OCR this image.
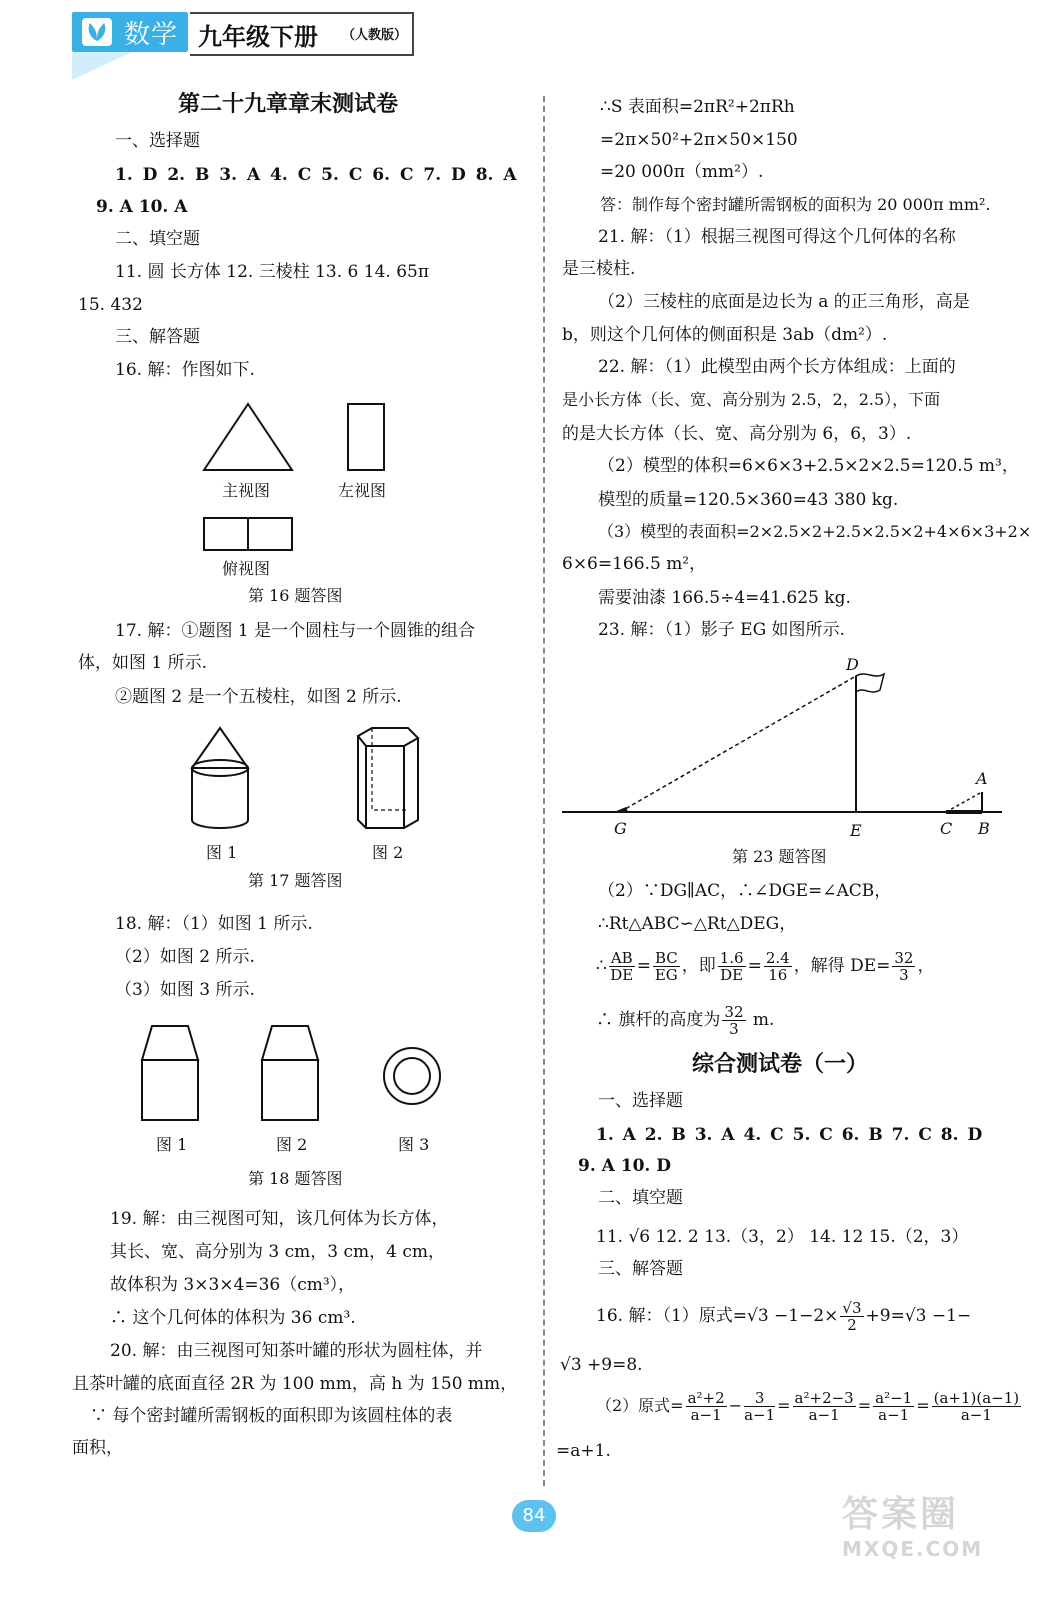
数学 九年级下册 （人教版）
第二十九章章末测试卷
一、选择题
1. D 2. B 3. A 4. C 5. C 6. C 7. D 8. A
9. A 10. A
二、填空题
11. 圆 长方体 12. 三棱柱 13. 6 14. 65π
15. 432
三、解答题
16. 解：作图如下.
主视图	左视图
俯视图
第 16 题答图
17. 解：①题图 1 是一个圆柱与一个圆锥的组合
体，如图 1 所示.
②题图 2 是一个五棱柱，如图 2 所示.
图 1	图 2
第 17 题答图
18. 解：（1）如图 1 所示.
（2）如图 2 所示.
（3）如图 3 所示.
图 1	图 2	图 3
第 18 题答图
19. 解：由三视图可知，该几何体为长方体，
其长、宽、高分别为 3 cm，3 cm，4 cm，
故体积为 3×3×4=36（cm³），
∴ 这个几何体的体积为 36 cm³.
20. 解：由三视图可知茶叶罐的形状为圆柱体，并
且茶叶罐的底面直径 2R 为 100 mm，高 h 为 150 mm，
∵ 每个密封罐所需钢板的面积即为该圆柱体的表
面积，
∴S 表面积=2πR²+2πRh
=2π×50²+2π×50×150
=20 000π（mm²）.
答：制作每个密封罐所需钢板的面积为 20 000π mm².
21. 解：（1）根据三视图可得这个几何体的名称
是三棱柱.
（2）三棱柱的底面是边长为 a 的正三角形，高是
b，则这个几何体的侧面积是 3ab（dm²）.
22. 解：（1）此模型由两个长方体组成：上面的
是小长方体（长、宽、高分别为 2.5，2，2.5），下面
的是大长方体（长、宽、高分别为 6，6，3）.
（2）模型的体积=6×6×3+2.5×2×2.5=120.5 m³，
模型的质量=120.5×360=43 380 kg.
（3）模型的表面积=2×2.5×2+2.5×2.5×2+4×6×3+2×
6×6=166.5 m²，
需要油漆 166.5÷4=41.625 kg.
23. 解：（1）影子 EG 如图所示.
D
A
G	E	C B
第 23 题答图
（2）∵DG∥AC，∴∠DGE=∠ACB，
∴Rt△ABC∽△Rt△DEG，
∴ $\frac{AB}{DE} = \frac{BC}{EG}$ ，即 $\frac{1.6}{DE} = \frac{2.4}{16}$ ，解得 $DE= \frac{32}{3}$ ，
∴ 旗杆的高度为 $\frac{32}{3} m$.
综合测试卷（一）
一、选择题
1. A 2. B 3. A 4. C 5. C 6. B 7. C 8. D
9. A 10. D
二、填空题
11. √6 12. 2 13.（3，2） 14. 12 15.（2，3）
三、解答题
16. 解：（1）原式$=√3 -1-2\times \frac{√3}{2} +9=√3 -1-$
√3 +9=8.
（2）原式= $\frac{\text{a²+2}}{a-1} - \frac{3}{a-1} = \frac{\text{a²+2−3}}{a-1} = \frac{\text{a²−1}}{a-1} = \frac{(a+1)(a-1)}{a-1}$
=a+1.
84	答案圈
MXQE.COM
